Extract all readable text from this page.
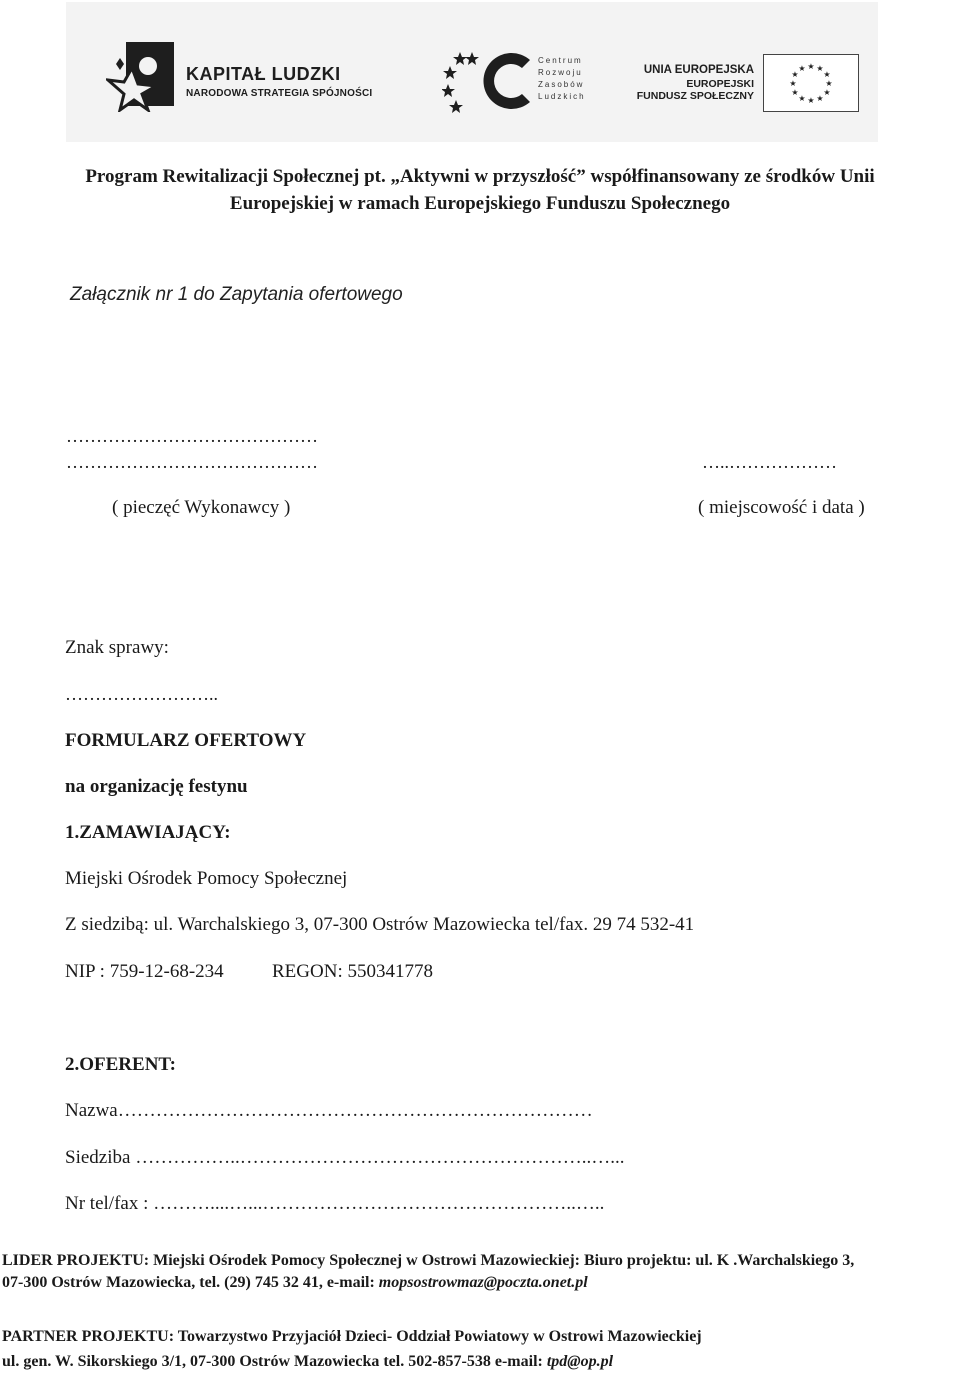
KAPITAŁ LUDZKI
NARODOWA STRATEGIA SPÓJNOŚCI
Centrum
Rozwoju
Zasobów
Ludzkich
UNIA EUROPEJSKA
EUROPEJSKI
FUNDUSZ SPOŁECZNY
★ ★
★
★
★
★
★
★
★
★
★
★
Program Rewitalizacji Społecznej pt. „Aktywni w przyszłość” współfinansowany ze środków Unii
Europejskiej w ramach Europejskiego Funduszu Społecznego
Załącznik nr 1 do Zapytania ofertowego
……………………………………
……………………………………
( pieczęć Wykonawcy )
…..………………
( miejscowość i data )
Znak sprawy:
……………………..
FORMULARZ OFERTOWY
na organizację festynu
1.ZAMAWIAJĄCY:
Miejski Ośrodek Pomocy Społecznej
Z siedzibą: ul. Warchalskiego 3, 07-300 Ostrów Mazowiecka tel/fax. 29 74 532-41
NIP : 759-12-68-234	REGON: 550341778
2.OFERENT:
Nazwa…………………………………………………………………
Siedziba ……………..………………………………………………..…...
Nr tel/fax : ………....…...…………………………………………..…..
LIDER PROJEKTU: Miejski Ośrodek Pomocy Społecznej w Ostrowi Mazowieckiej: Biuro projektu: ul. K .Warchalskiego 3,
07-300 Ostrów Mazowiecka, tel. (29) 745 32 41, e-mail: mopsostrowmaz@poczta.onet.pl
PARTNER PROJEKTU: Towarzystwo Przyjaciół Dzieci- Oddział Powiatowy w Ostrowi Mazowieckiej
ul. gen. W. Sikorskiego 3/1, 07-300 Ostrów Mazowiecka tel. 502-857-538 e-mail: tpd@op.pl
